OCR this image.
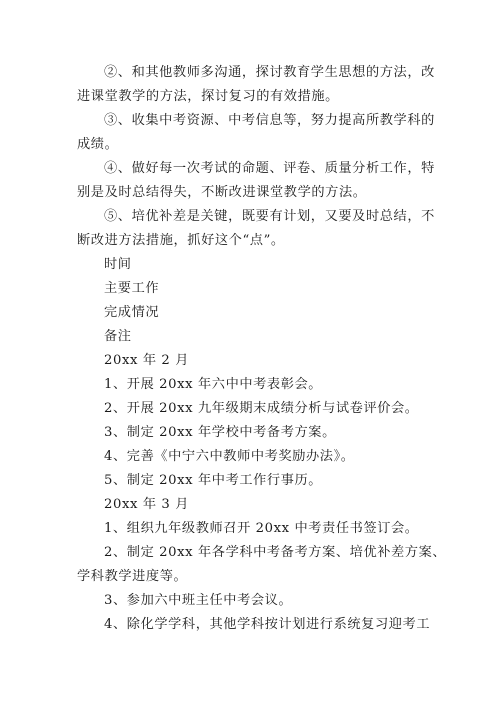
②、和其他教师多沟通，探讨教育学生思想的方法，改
进课堂教学的方法，探讨复习的有效措施。
③、收集中考资源、中考信息等，努力提高所教学科的
成绩。
④、做好每一次考试的命题、评卷、质量分析工作，特
别是及时总结得失，不断改进课堂教学的方法。
⑤、培优补差是关键，既要有计划，又要及时总结，不
断改进方法措施，抓好这个“点”。
时间
主要工作
完成情况
备注
20xx 年 2 月
1、开展 20xx 年六中中考表彰会。
2、开展 20xx 九年级期末成绩分析与试卷评价会。
3、制定 20xx 年学校中考备考方案。
4、完善《中宁六中教师中考奖励办法》。
5、制定 20xx 年中考工作行事历。
20xx 年 3 月
1、组织九年级教师召开 20xx 中考责任书签订会。
2、制定 20xx 年各学科中考备考方案、培优补差方案、
学科教学进度等。
3、参加六中班主任中考会议。
4、除化学学科，其他学科按计划进行系统复习迎考工
